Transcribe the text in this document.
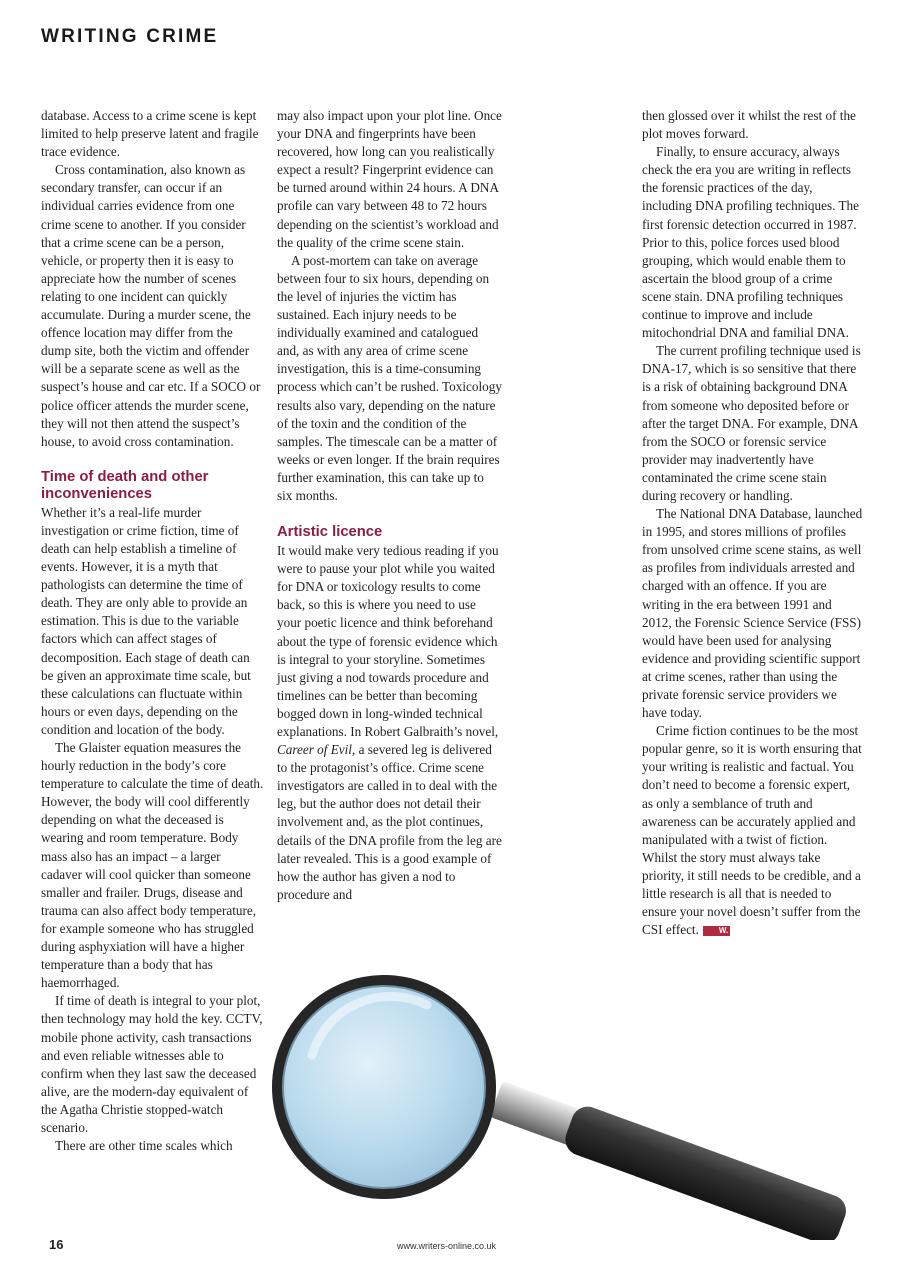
WRITING CRIME

database. Access to a crime scene is kept limited to help preserve latent and fragile trace evidence.

Cross contamination, also known as secondary transfer, can occur if an individual carries evidence from one crime scene to another. If you consider that a crime scene can be a person, vehicle, or property then it is easy to appreciate how the number of scenes relating to one incident can quickly accumulate. During a murder scene, the offence location may differ from the dump site, both the victim and offender will be a separate scene as well as the suspect’s house and car etc. If a SOCO or police officer attends the murder scene, they will not then attend the suspect’s house, to avoid cross contamination.

Time of death and other inconveniences

Whether it’s a real-life murder investigation or crime fiction, time of death can help establish a timeline of events. However, it is a myth that pathologists can determine the time of death. They are only able to provide an estimation. This is due to the variable factors which can affect stages of decomposition. Each stage of death can be given an approximate time scale, but these calculations can fluctuate within hours or even days, depending on the condition and location of the body.

The Glaister equation measures the hourly reduction in the body’s core temperature to calculate the time of death. However, the body will cool differently depending on what the deceased is wearing and room temperature. Body mass also has an impact – a larger cadaver will cool quicker than someone smaller and frailer. Drugs, disease and trauma can also affect body temperature, for example someone who has struggled during asphyxiation will have a higher temperature than a body that has haemorrhaged.

If time of death is integral to your plot, then technology may hold the key. CCTV, mobile phone activity, cash transactions and even reliable witnesses able to confirm when they last saw the deceased alive, are the modern-day equivalent of the Agatha Christie stopped-watch scenario.

There are other time scales which

may also impact upon your plot line. Once your DNA and fingerprints have been recovered, how long can you realistically expect a result? Fingerprint evidence can be turned around within 24 hours. A DNA profile can vary between 48 to 72 hours depending on the scientist’s workload and the quality of the crime scene stain.

A post-mortem can take on average between four to six hours, depending on the level of injuries the victim has sustained. Each injury needs to be individually examined and catalogued and, as with any area of crime scene investigation, this is a time-consuming process which can’t be rushed. Toxicology results also vary, depending on the nature of the toxin and the condition of the samples. The timescale can be a matter of weeks or even longer. If the brain requires further examination, this can take up to six months.

Artistic licence

It would make very tedious reading if you were to pause your plot while you waited for DNA or toxicology results to come back, so this is where you need to use your poetic licence and think beforehand about the type of forensic evidence which is integral to your storyline. Sometimes just giving a nod towards procedure and timelines can be better than becoming bogged down in long-winded technical explanations. In Robert Galbraith’s novel, Career of Evil, a severed leg is delivered to the protagonist’s office. Crime scene investigators are called in to deal with the leg, but the author does not detail their involvement and, as the plot continues, details of the DNA profile from the leg are later revealed. This is a good example of how the author has given a nod to procedure and

then glossed over it whilst the rest of the plot moves forward.

Finally, to ensure accuracy, always check the era you are writing in reflects the forensic practices of the day, including DNA profiling techniques. The first forensic detection occurred in 1987. Prior to this, police forces used blood grouping, which would enable them to ascertain the blood group of a crime scene stain. DNA profiling techniques continue to improve and include mitochondrial DNA and familial DNA.

The current profiling technique used is DNA-17, which is so sensitive that there is a risk of obtaining background DNA from someone who deposited before or after the target DNA. For example, DNA from the SOCO or forensic service provider may inadvertently have contaminated the crime scene stain during recovery or handling.

The National DNA Database, launched in 1995, and stores millions of profiles from unsolved crime scene stains, as well as profiles from individuals arrested and charged with an offence. If you are writing in the era between 1991 and 2012, the Forensic Science Service (FSS) would have been used for analysing evidence and providing scientific support at crime scenes, rather than using the private forensic service providers we have today.

Crime fiction continues to be the most popular genre, so it is worth ensuring that your writing is realistic and factual. You don’t need to become a forensic expert, as only a semblance of truth and awareness can be accurately applied and manipulated with a twist of fiction. Whilst the story must always take priority, it still needs to be credible, and a little research is all that is needed to ensure your novel doesn’t suffer from the CSI effect.	W.

16	www.writers-online.co.uk
